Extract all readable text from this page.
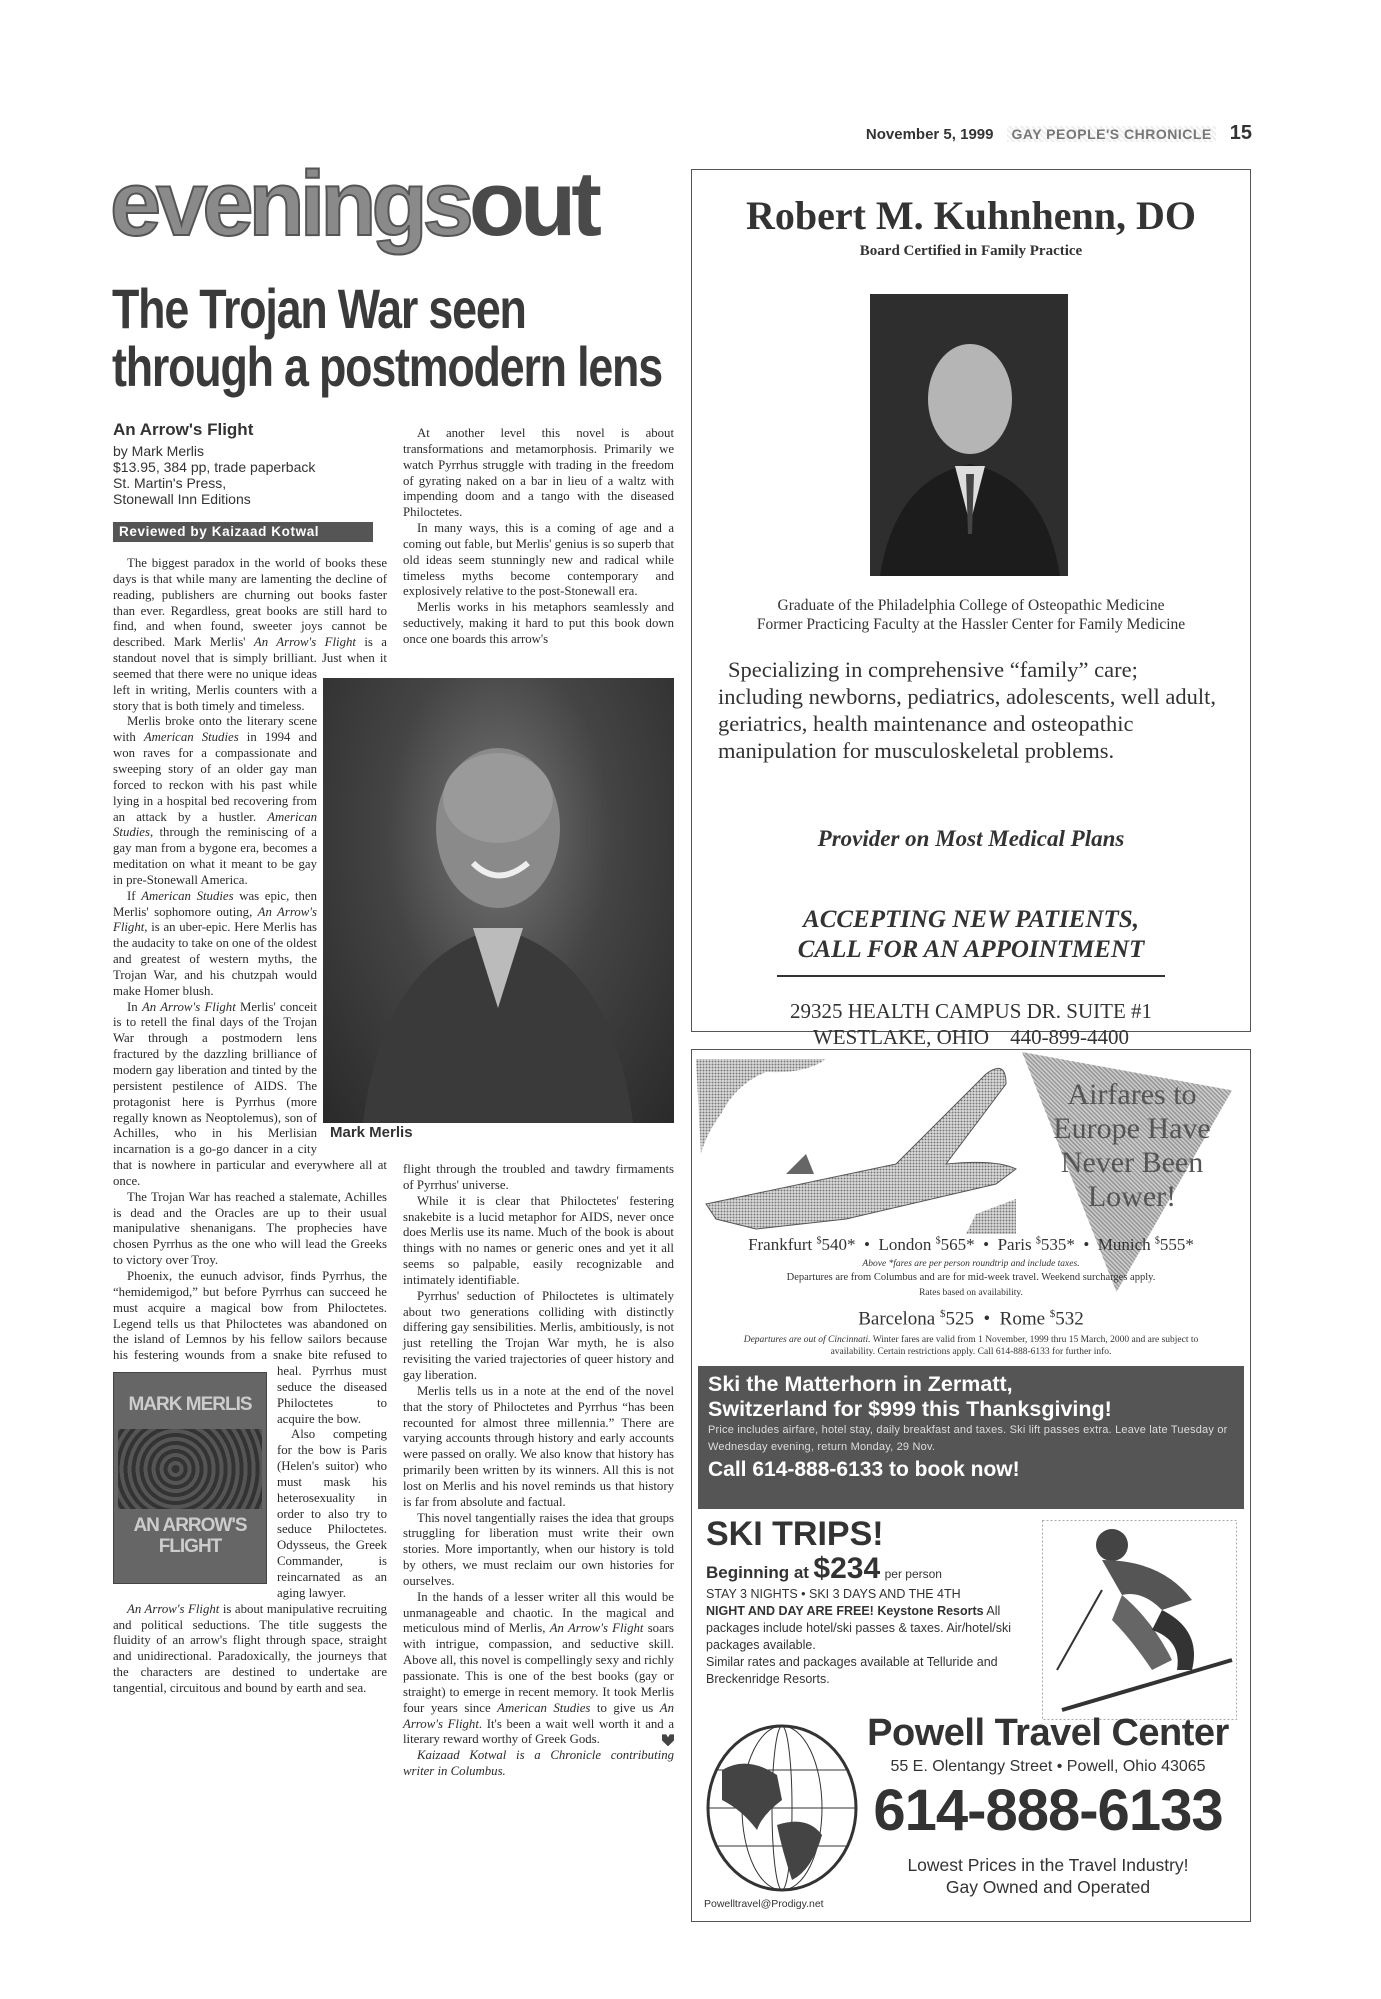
November 5, 1999 GAY PEOPLE'S CHRONICLE 15
eveningsout
The Trojan War seen through a postmodern lens
An Arrow's Flight
by Mark Merlis
$13.95, 384 pp, trade paperback
St. Martin's Press,
Stonewall Inn Editions
Reviewed by Kaizaad Kotwal
MARK MERLIS
AN ARROW'S FLIGHT

The biggest paradox in the world of books these days is that while many are lamenting the decline of reading, publishers are churning out books faster than ever. Regardless, great books are still hard to find, and when found, sweeter joys cannot be described. Mark Merlis' An Arrow's Flight is a standout novel that is simply brilliant. Just when it seemed that there were no unique ideas left in writing, Merlis counters with a story that is both timely and timeless.

Merlis broke onto the literary scene with American Studies in 1994 and won raves for a compassionate and sweeping story of an older gay man forced to reckon with his past while lying in a hospital bed recovering from an attack by a hustler. American Studies, through the reminiscing of a gay man from a bygone era, becomes a meditation on what it meant to be gay in pre-Stonewall America.

If American Studies was epic, then Merlis' sophomore outing, An Arrow's Flight, is an uber-epic. Here Merlis has the audacity to take on one of the oldest and greatest of western myths, the Trojan War, and his chutzpah would make Homer blush.

In An Arrow's Flight Merlis' conceit is to retell the final days of the Trojan War through a postmodern lens fractured by the dazzling brilliance of modern gay liberation and tinted by the persistent pestilence of AIDS. The protagonist here is Pyrrhus (more regally known as Neoptolemus), son of Achilles, who in his Merlisian incarnation is a go-go dancer in a city that is nowhere in particular and everywhere all at once.

The Trojan War has reached a stalemate, Achilles is dead and the Oracles are up to their usual manipulative shenanigans. The prophecies have chosen Pyrrhus as the one who will lead the Greeks to victory over Troy.

Phoenix, the eunuch advisor, finds Pyrrhus, the “hemidemigod,” but before Pyrrhus can succeed he must acquire a magical bow from Philoctetes. Legend tells us that Philoctetes was abandoned on the island of Lemnos by his fellow sailors because his festering wounds from a snake bite refused to heal. Pyrrhus must seduce the diseased Philoctetes to acquire the bow.

Also competing for the bow is Paris (Helen's suitor) who must mask his heterosexuality in order to also try to seduce Philoctetes. Odysseus, the Greek Commander, is reincarnated as an aging lawyer.

An Arrow's Flight is about manipulative recruiting and political seductions. The title suggests the fluidity of an arrow's flight through space, straight and unidirectional. Paradoxically, the journeys that the characters are destined to undertake are tangential, circuitous and bound by earth and sea.

Mark Merlis

At another level this novel is about transformations and metamorphosis. Primarily we watch Pyrrhus struggle with trading in the freedom of gyrating naked on a bar in lieu of a waltz with impending doom and a tango with the diseased Philoctetes.

In many ways, this is a coming of age and a coming out fable, but Merlis' genius is so superb that old ideas seem stunningly new and radical while timeless myths become contemporary and explosively relative to the post-Stonewall era.

Merlis works in his metaphors seamlessly and seductively, making it hard to put this book down once one boards this arrow's

flight through the troubled and tawdry firmaments of Pyrrhus' universe.

While it is clear that Philoctetes' festering snakebite is a lucid metaphor for AIDS, never once does Merlis use its name. Much of the book is about things with no names or generic ones and yet it all seems so palpable, easily recognizable and intimately identifiable.

Pyrrhus' seduction of Philoctetes is ultimately about two generations colliding with distinctly differing gay sensibilities. Merlis, ambitiously, is not just retelling the Trojan War myth, he is also revisiting the varied trajectories of queer history and gay liberation.

Merlis tells us in a note at the end of the novel that the story of Philoctetes and Pyrrhus “has been recounted for almost three millennia.” There are varying accounts through history and early accounts were passed on orally. We also know that history has primarily been written by its winners. All this is not lost on Merlis and his novel reminds us that history is far from absolute and factual.

This novel tangentially raises the idea that groups struggling for liberation must write their own stories. More importantly, when our history is told by others, we must reclaim our own histories for ourselves.

In the hands of a lesser writer all this would be unmanageable and chaotic. In the magical and meticulous mind of Merlis, An Arrow's Flight soars with intrigue, compassion, and seductive skill. Above all, this novel is compellingly sexy and richly passionate. This is one of the best books (gay or straight) to emerge in recent memory. It took Merlis four years since American Studies to give us An Arrow's Flight. It's been a wait well worth it and a literary reward worthy of Greek Gods.

Kaizaad Kotwal is a Chronicle contributing writer in Columbus.

Robert M. Kuhnhenn, DO
Board Certified in Family Practice
Graduate of the Philadelphia College of Osteopathic Medicine
Former Practicing Faculty at the Hassler Center for Family Medicine
Specializing in comprehensive “family” care; including newborns, pediatrics, adolescents, well adult, geriatrics, health maintenance and osteopathic manipulation for musculoskeletal problems.
Provider on Most Medical Plans
ACCEPTING NEW PATIENTS,
CALL FOR AN APPOINTMENT
29325 HEALTH CAMPUS DR. SUITE #1
WESTLAKE, OHIO    440-899-4400
Airfares to
Europe Have
Never Been
Lower!
Frankfurt $540*  •  London $565*  •  Paris $535*  •  Munich $555*
Above *fares are per person roundtrip and include taxes.
Departures are from Columbus and are for mid-week travel. Weekend surcharges apply.
Rates based on availability.
Barcelona $525  •  Rome $532
Departures are out of Cincinnati. Winter fares are valid from 1 November, 1999 thru 15 March, 2000 and are subject to availability. Certain restrictions apply. Call 614-888-6133 for further info.
Ski the Matterhorn in Zermatt,
Switzerland for $999 this Thanksgiving!
Price includes airfare, hotel stay, daily breakfast and taxes. Ski lift passes extra. Leave late Tuesday or Wednesday evening, return Monday, 29 Nov.
Call 614-888-6133 to book now!
SKI TRIPS!
Beginning at $234 per person
STAY 3 NIGHTS • SKI 3 DAYS AND THE 4TH
NIGHT AND DAY ARE FREE! Keystone Resorts All packages include hotel/ski passes & taxes. Air/hotel/ski packages available.
Similar rates and packages available at Telluride and Breckenridge Resorts.
Powell Travel Center
55 E. Olentangy Street • Powell, Ohio 43065
614-888-6133
Lowest Prices in the Travel Industry!
Gay Owned and Operated
Powelltravel@Prodigy.net
